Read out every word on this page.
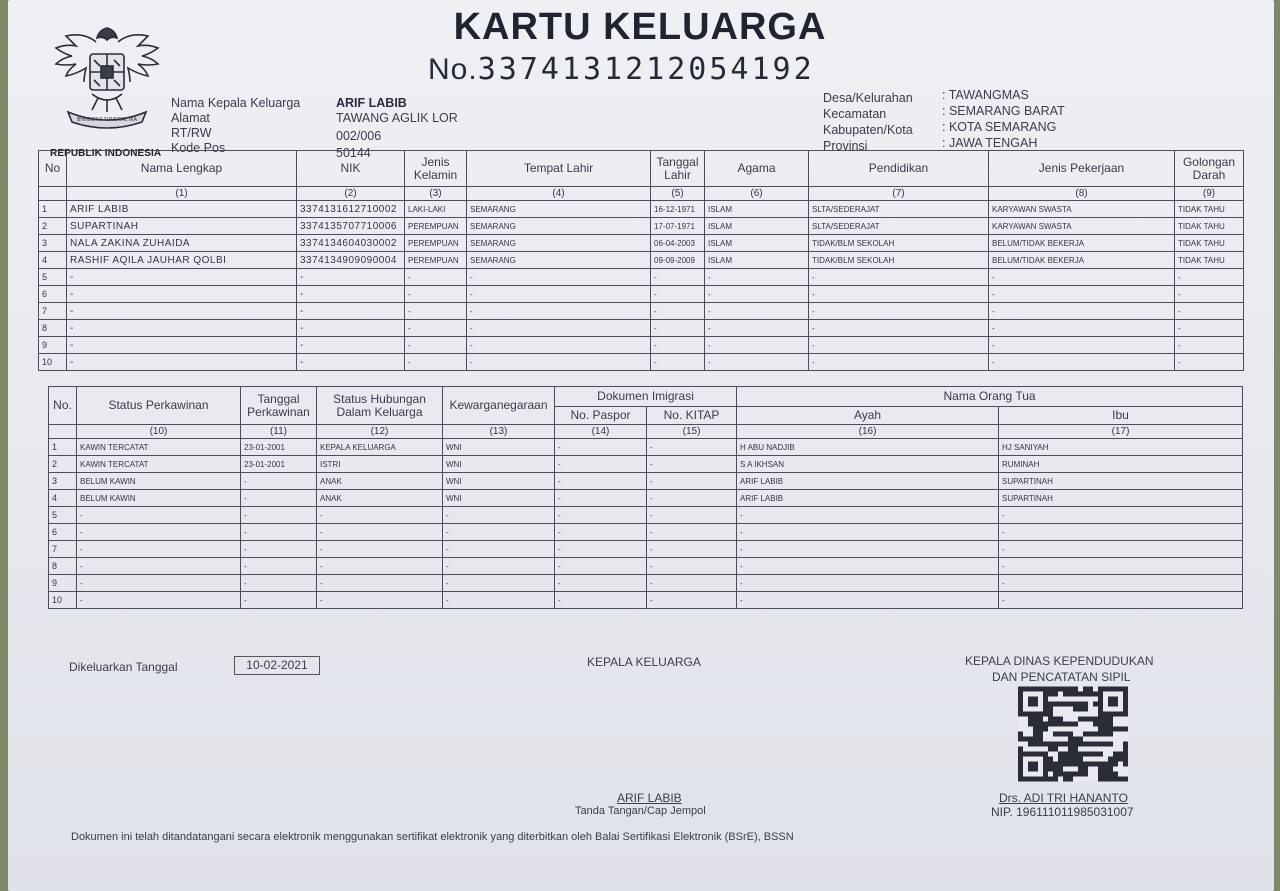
BHINNEKA TUNGGAL IKA
REPUBLIK INDONESIA
KARTU KELUARGA
No.3374131212054192
Nama Kepala Keluarga
Alamat
RT/RW
Kode Pos
ARIF LABIB
TAWANG AGLIK LOR
002/006
50144
Desa/Kelurahan
Kecamatan
Kabupaten/Kota
Provinsi
: TAWANGMAS
: SEMARANG BARAT
: KOTA SEMARANG
: JAWA TENGAH
No	Nama Lengkap	NIK	Jenis Kelamin	Tempat Lahir	Tanggal Lahir	Agama	Pendidikan	Jenis Pekerjaan	Golongan Darah
	(1)	(2)	(3)	(4)	(5)	(6)	(7)	(8)	(9)
1	ARIF LABIB	3374131612710002	LAKI-LAKI	SEMARANG	16-12-1971	ISLAM	SLTA/SEDERAJAT	KARYAWAN SWASTA	TIDAK TAHU
2	SUPARTINAH	3374135707710006	PEREMPUAN	SEMARANG	17-07-1971	ISLAM	SLTA/SEDERAJAT	KARYAWAN SWASTA	TIDAK TAHU
3	NALA ZAKINA ZUHAIDA	3374134604030002	PEREMPUAN	SEMARANG	06-04-2003	ISLAM	TIDAK/BLM SEKOLAH	BELUM/TIDAK BEKERJA	TIDAK TAHU
4	RASHIF AQILA JAUHAR QOLBI	3374134909090004	PEREMPUAN	SEMARANG	09-09-2009	ISLAM	TIDAK/BLM SEKOLAH	BELUM/TIDAK BEKERJA	TIDAK TAHU
5	-	-	-	-	-	-	-	-	-
6	-	-	-	-	-	-	-	-	-
7	-	-	-	-	-	-	-	-	-
8	-	-	-	-	-	-	-	-	-
9	-	-	-	-	-	-	-	-	-
10	-	-	-	-	-	-	-	-	-
No.	Status Perkawinan	Tanggal Perkawinan	Status Hubungan Dalam Keluarga	Kewarganegaraan	Dokumen Imigrasi		Nama Orang Tua	
					No. Paspor	No. KITAP	Ayah	Ibu
	(10)	(11)	(12)	(13)	(14)	(15)	(16)	(17)
1	KAWIN TERCATAT	23-01-2001	KEPALA KELUARGA	WNI	-	-	H ABU NADJIB	HJ SANIYAH
2	KAWIN TERCATAT	23-01-2001	ISTRI	WNI	-	-	S A IKHSAN	RUMINAH
3	BELUM KAWIN	-	ANAK	WNI	-	-	ARIF LABIB	SUPARTINAH
4	BELUM KAWIN	-	ANAK	WNI	-	-	ARIF LABIB	SUPARTINAH
5	-	-	-	-	-	-	-	-
6	-	-	-	-	-	-	-	-
7	-	-	-	-	-	-	-	-
8	-	-	-	-	-	-	-	-
9	-	-	-	-	-	-	-	-
10	-	-	-	-	-	-	-	-
Dikeluarkan Tanggal	10-02-2021	KEPALA KELUARGA
ARIF LABIB
Tanda Tangan/Cap Jempol
KEPALA DINAS KEPENDUDUKAN
DAN PENCATATAN SIPIL
Drs. ADI TRI HANANTO
NIP. 196111011985031007
Dokumen ini telah ditandatangani secara elektronik menggunakan sertifikat elektronik yang diterbitkan oleh Balai Sertifikasi Elektronik (BSrE), BSSN
